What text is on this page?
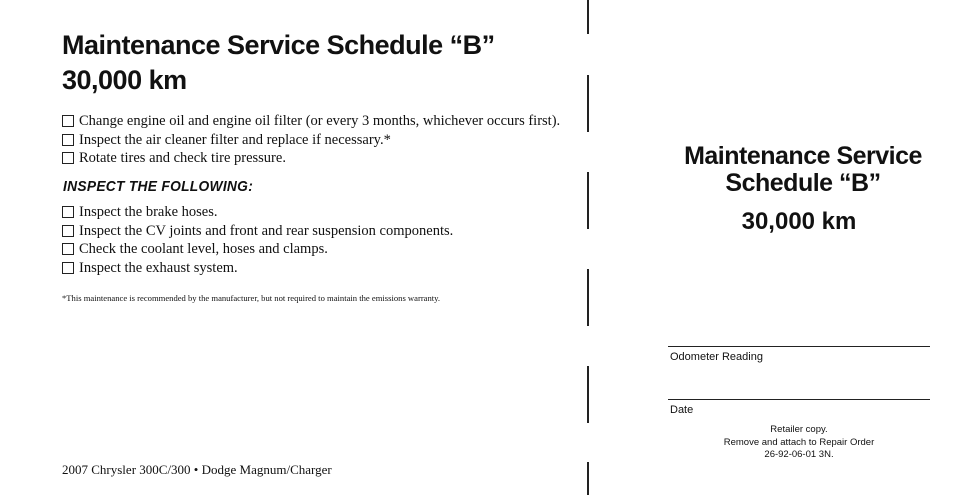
Maintenance Service Schedule “B”
30,000 km
Change engine oil and engine oil filter (or every 3 months, whichever occurs first).
Inspect the air cleaner filter and replace if necessary.*
Rotate tires and check tire pressure.
INSPECT THE FOLLOWING:
Inspect the brake hoses.
Inspect the CV joints and front and rear suspension components.
Check the coolant level, hoses and clamps.
Inspect the exhaust system.

*This maintenance is recommended by the manufacturer, but not required to maintain the emissions warranty.

2007 Chrysler 300C/300 • Dodge Magnum/Charger

Maintenance Service
Schedule “B”

30,000 km

Odometer Reading

Date

Retailer copy.
Remove and attach to Repair Order
26-92-06-01 3N.
